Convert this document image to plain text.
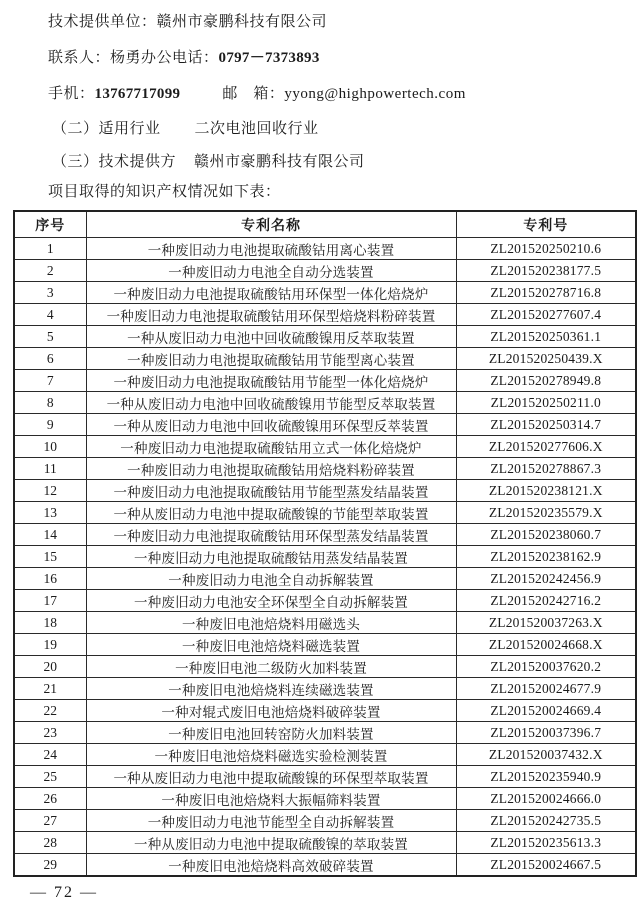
技术提供单位：赣州市豪鹏科技有限公司

联系人：杨勇办公电话：0797－7373893

手机：13767717099	邮　箱：yyong@highpowertech.com

（二）适用行业 二次电池回收行业

（三）技术提供方 赣州市豪鹏科技有限公司

项目取得的知识产权情况如下表：

序号	专利名称	专利号
1	一种废旧动力电池提取硫酸钴用离心装置	ZL201520250210.6
2	一种废旧动力电池全自动分选装置	ZL201520238177.5
3	一种废旧动力电池提取硫酸钴用环保型一体化焙烧炉	ZL201520278716.8
4	一种废旧动力电池提取硫酸钴用环保型焙烧料粉碎装置	ZL201520277607.4
5	一种从废旧动力电池中回收硫酸镍用反萃取装置	ZL201520250361.1
6	一种废旧动力电池提取硫酸钴用节能型离心装置	ZL201520250439.X
7	一种废旧动力电池提取硫酸钴用节能型一体化焙烧炉	ZL201520278949.8
8	一种从废旧动力电池中回收硫酸镍用节能型反萃取装置	ZL201520250211.0
9	一种从废旧动力电池中回收硫酸镍用环保型反萃装置	ZL201520250314.7
10	一种废旧动力电池提取硫酸钴用立式一体化焙烧炉	ZL201520277606.X
11	一种废旧动力电池提取硫酸钴用焙烧料粉碎装置	ZL201520278867.3
12	一种废旧动力电池提取硫酸钴用节能型蒸发结晶装置	ZL201520238121.X
13	一种从废旧动力电池中提取硫酸镍的节能型萃取装置	ZL201520235579.X
14	一种废旧动力电池提取硫酸钴用环保型蒸发结晶装置	ZL201520238060.7
15	一种废旧动力电池提取硫酸钴用蒸发结晶装置	ZL201520238162.9
16	一种废旧动力电池全自动拆解装置	ZL201520242456.9
17	一种废旧动力电池安全环保型全自动拆解装置	ZL201520242716.2
18	一种废旧电池焙烧料用磁选头	ZL201520037263.X
19	一种废旧电池焙烧料磁选装置	ZL201520024668.X
20	一种废旧电池二级防火加料装置	ZL201520037620.2
21	一种废旧电池焙烧料连续磁选装置	ZL201520024677.9
22	一种对辊式废旧电池焙烧料破碎装置	ZL201520024669.4
23	一种废旧电池回转窑防火加料装置	ZL201520037396.7
24	一种废旧电池焙烧料磁选实验检测装置	ZL201520037432.X
25	一种从废旧动力电池中提取硫酸镍的环保型萃取装置	ZL201520235940.9
26	一种废旧电池焙烧料大振幅筛料装置	ZL201520024666.0
27	一种废旧动力电池节能型全自动拆解装置	ZL201520242735.5
28	一种从废旧动力电池中提取硫酸镍的萃取装置	ZL201520235613.3
29	一种废旧电池焙烧料高效破碎装置	ZL201520024667.5
— 72 —
